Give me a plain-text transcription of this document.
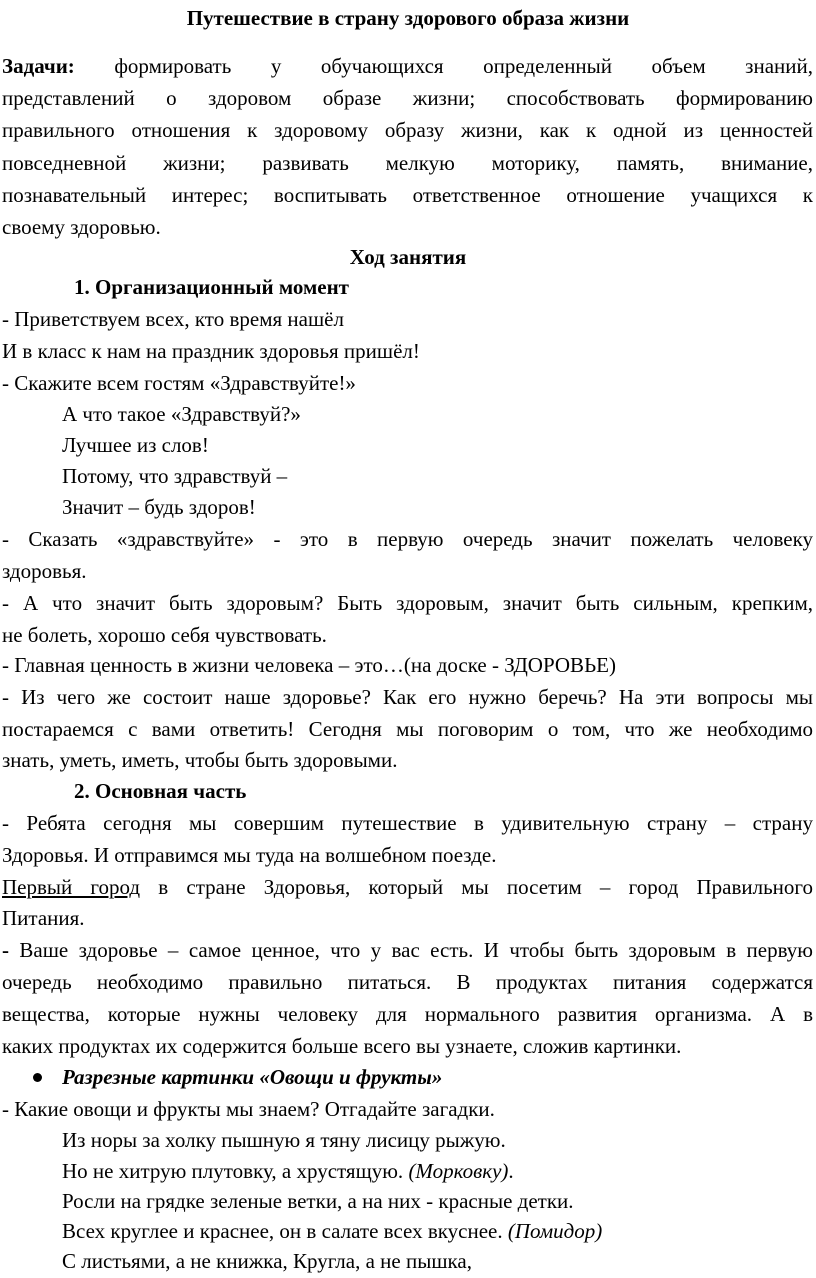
Путешествие в страну здорового образа жизни
Задачи: формировать у обучающихся определенный объем знаний,
представлений о здоровом образе жизни; способствовать формированию
правильного отношения к здоровому образу жизни, как к одной из ценностей
повседневной жизни; развивать мелкую моторику, память, внимание,
познавательный интерес; воспитывать ответственное отношение учащихся к
своему здоровью.
Ход занятия
1. Организационный момент
- Приветствуем всех, кто время нашёл
И в класс к нам на праздник здоровья пришёл!
- Скажите всем гостям «Здравствуйте!»
А что такое «Здравствуй?»
Лучшее из слов!
Потому, что здравствуй –
Значит – будь здоров!
- Сказать «здравствуйте» - это в первую очередь значит пожелать человеку
здоровья.
- А что значит быть здоровым? Быть здоровым, значит быть сильным, крепким,
не болеть, хорошо себя чувствовать.
- Главная ценность в жизни человека – это…(на доске - ЗДОРОВЬЕ)
- Из чего же состоит наше здоровье? Как его нужно беречь? На эти вопросы мы
постараемся с вами ответить! Сегодня мы поговорим о том, что же необходимо
знать, уметь, иметь, чтобы быть здоровыми.
2. Основная часть
- Ребята сегодня мы совершим путешествие в удивительную страну – страну
Здоровья. И отправимся мы туда на волшебном поезде.
Первый город в стране Здоровья, который мы посетим – город Правильного
Питания.
- Ваше здоровье – самое ценное, что у вас есть. И чтобы быть здоровым в первую
очередь необходимо правильно питаться. В продуктах питания содержатся
вещества, которые нужны человеку для нормального развития организма. А в
каких продуктах их содержится больше всего вы узнаете, сложив картинки.
Разрезные картинки «Овощи и фрукты»
- Какие овощи и фрукты мы знаем? Отгадайте загадки.
Из норы за холку пышную я тяну лисицу рыжую.
Но не хитрую плутовку, а хрустящую. (Морковку).
Росли на грядке зеленые ветки, а на них - красные детки.
Всех круглее и краснее, он в салате всех вкуснее. (Помидор)
С листьями, а не книжка, Кругла, а не пышка,
